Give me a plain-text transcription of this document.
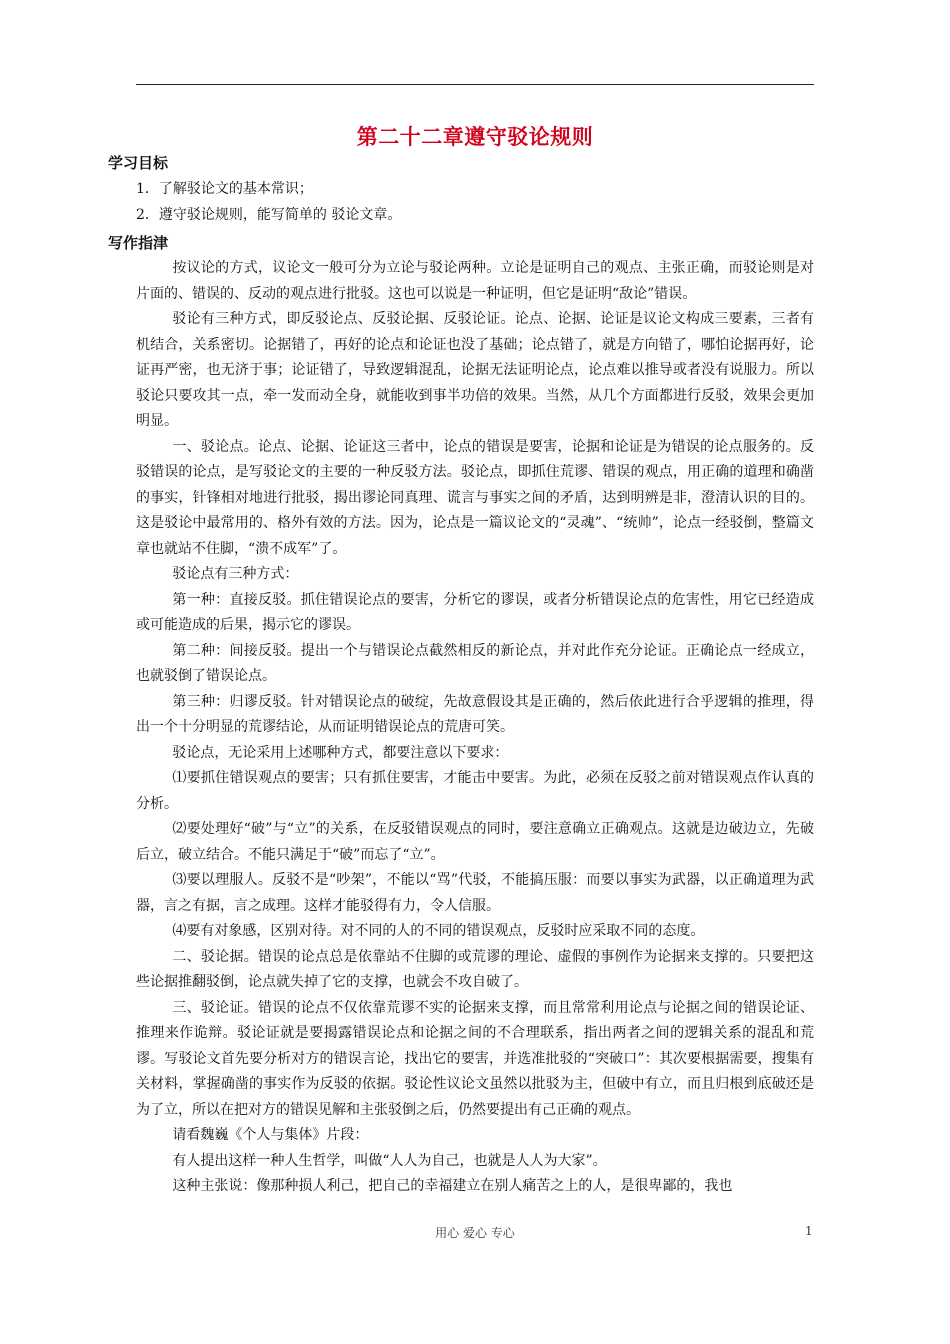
第二十二章遵守驳论规则
学习目标

1．了解驳论文的基本常识；

2．遵守驳论规则，能写简单的 驳论文章。

写作指津

按议论的方式，议论文一般可分为立论与驳论两种。立论是证明自己的观点、主张正确，而驳论则是对片面的、错误的、反动的观点进行批驳。这也可以说是一种证明，但它是证明“敌论”错误。

驳论有三种方式，即反驳论点、反驳论据、反驳论证。论点、论据、论证是议论文构成三要素，三者有机结合，关系密切。论据错了，再好的论点和论证也没了基础；论点错了，就是方向错了，哪怕论据再好，论证再严密，也无济于事；论证错了，导致逻辑混乱，论据无法证明论点，论点难以推导或者没有说服力。所以驳论只要攻其一点，牵一发而动全身，就能收到事半功倍的效果。当然，从几个方面都进行反驳，效果会更加明显。

一、驳论点。论点、论据、论证这三者中，论点的错误是要害，论据和论证是为错误的论点服务的。反驳错误的论点，是写驳论文的主要的一种反驳方法。驳论点，即抓住荒谬、错误的观点，用正确的道理和确凿的事实，针锋相对地进行批驳，揭出谬论同真理、谎言与事实之间的矛盾，达到明辨是非，澄清认识的目的。这是驳论中最常用的、格外有效的方法。因为，论点是一篇议论文的“灵魂”、“统帅”，论点一经驳倒，整篇文章也就站不住脚，“溃不成军”了。

驳论点有三种方式：

第一种：直接反驳。抓住错误论点的要害，分析它的谬误，或者分析错误论点的危害性，用它已经造成或可能造成的后果，揭示它的谬误。

第二种：间接反驳。提出一个与错误论点截然相反的新论点，并对此作充分论证。正确论点一经成立，也就驳倒了错误论点。

第三种：归谬反驳。针对错误论点的破绽，先故意假设其是正确的，然后依此进行合乎逻辑的推理，得出一个十分明显的荒谬结论，从而证明错误论点的荒唐可笑。

驳论点，无论采用上述哪种方式，都要注意以下要求：

⑴要抓住错误观点的要害；只有抓住要害，才能击中要害。为此，必须在反驳之前对错误观点作认真的分析。

⑵要处理好“破”与“立”的关系，在反驳错误观点的同时，要注意确立正确观点。这就是边破边立，先破后立，破立结合。不能只满足于“破”而忘了“立”。

⑶要以理服人。反驳不是“吵架”，不能以“骂”代驳，不能搞压服：而要以事实为武器，以正确道理为武器，言之有据，言之成理。这样才能驳得有力，令人信服。

⑷要有对象感，区别对待。对不同的人的不同的错误观点，反驳时应采取不同的态度。

二、驳论据。错误的论点总是依靠站不住脚的或荒谬的理论、虚假的事例作为论据来支撑的。只要把这些论据推翻驳倒，论点就失掉了它的支撑，也就会不攻自破了。

三、驳论证。错误的论点不仅依靠荒谬不实的论据来支撑，而且常常利用论点与论据之间的错误论证、推理来作诡辩。驳论证就是要揭露错误论点和论据之间的不合理联系，指出两者之间的逻辑关系的混乱和荒谬。写驳论文首先要分析对方的错误言论，找出它的要害，并选准批驳的“突破口”：其次要根据需要，搜集有关材料，掌握确凿的事实作为反驳的依据。驳论性议论文虽然以批驳为主，但破中有立，而且归根到底破还是为了立，所以在把对方的错误见解和主张驳倒之后，仍然要提出有己正确的观点。

请看魏巍《个人与集体》片段：

有人提出这样一种人生哲学，叫做“人人为自己，也就是人人为大家”。

这种主张说：像那种损人利己，把自己的幸福建立在别人痛苦之上的人，是很卑鄙的，我也

用心 爱心 专心	1
